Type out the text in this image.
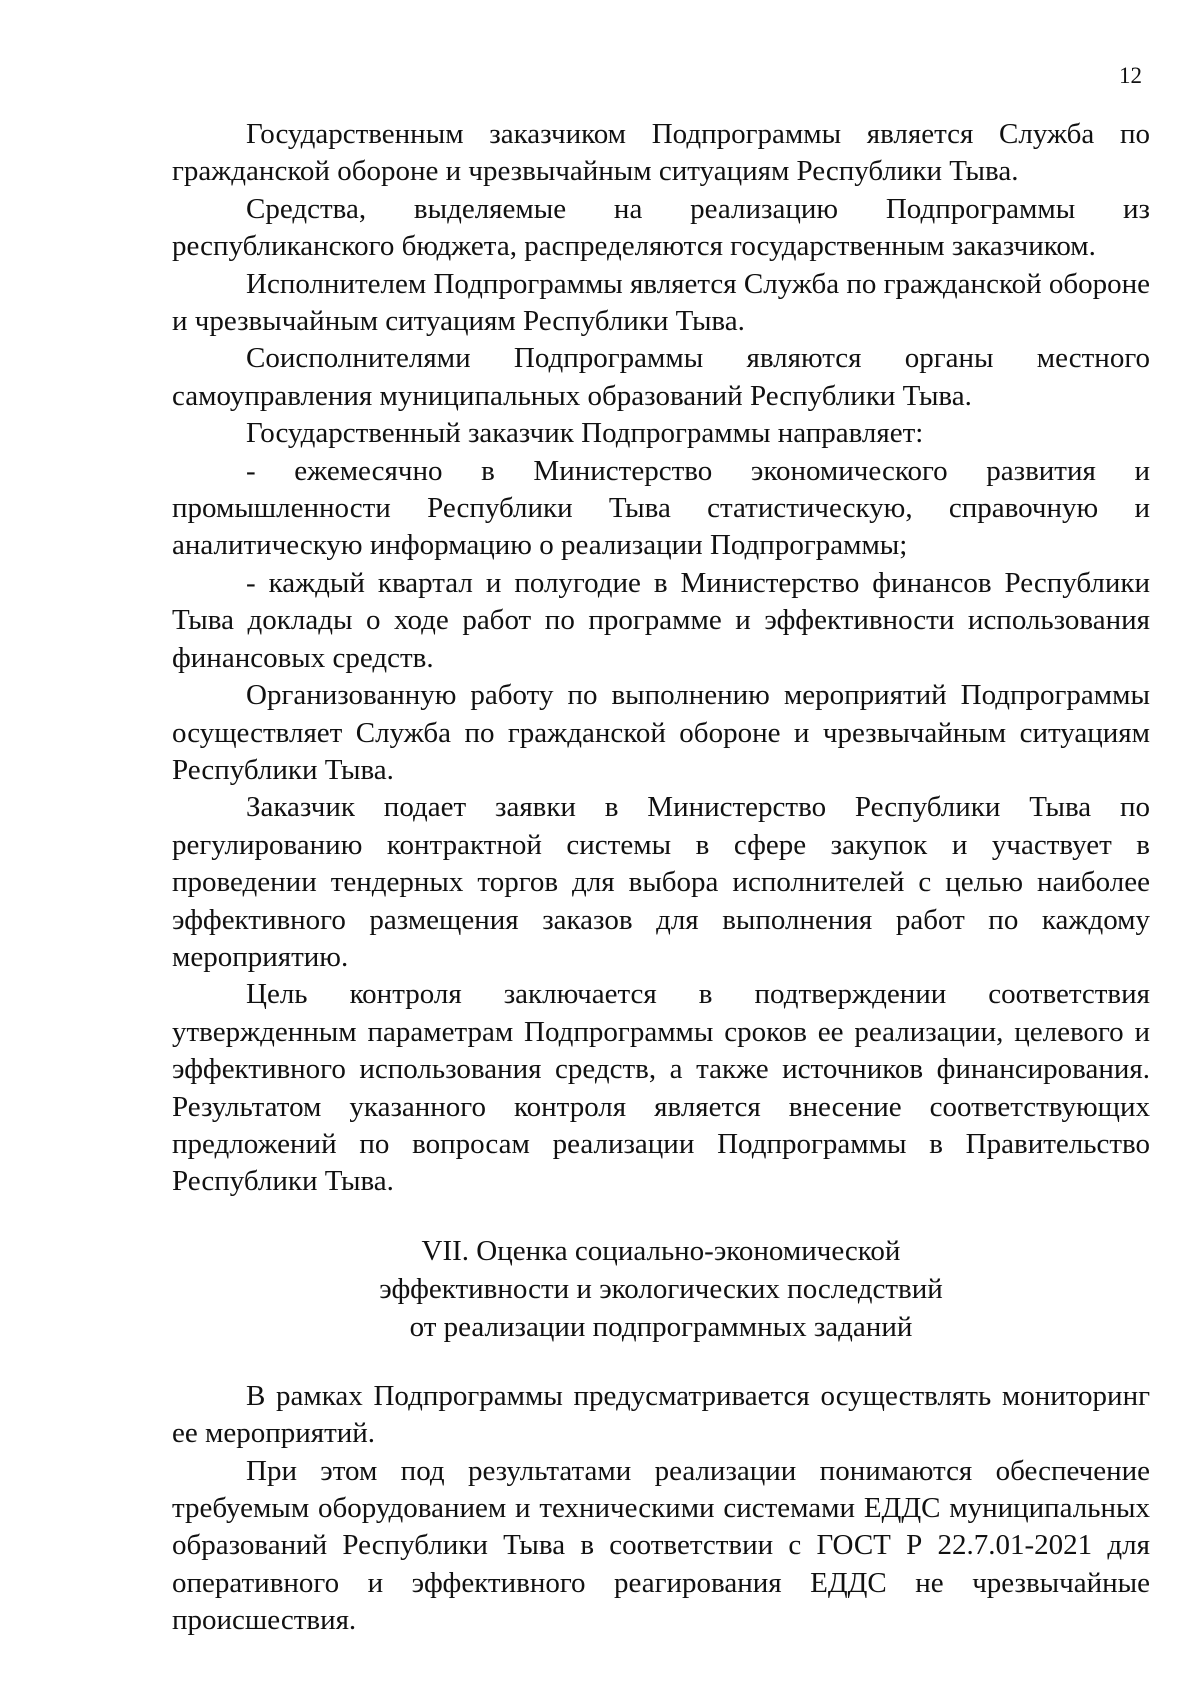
12

Государственным заказчиком Подпрограммы является Служба по гражданской обороне и чрезвычайным ситуациям Республики Тыва.

Средства, выделяемые на реализацию Подпрограммы из республиканского бюджета, распределяются государственным заказчиком.

Исполнителем Подпрограммы является Служба по гражданской обороне и чрезвычайным ситуациям Республики Тыва.

Соисполнителями Подпрограммы являются органы местного самоуправления муниципальных образований Республики Тыва.

Государственный заказчик Подпрограммы направляет:

- ежемесячно в Министерство экономического развития и промышленности Республики Тыва статистическую, справочную и аналитическую информацию о реализации Подпрограммы;

- каждый квартал и полугодие в Министерство финансов Республики Тыва доклады о ходе работ по программе и эффективности использования финансовых средств.

Организованную работу по выполнению мероприятий Подпрограммы осуществляет Служба по гражданской обороне и чрезвычайным ситуациям Республики Тыва.

Заказчик подает заявки в Министерство Республики Тыва по регулированию контрактной системы в сфере закупок и участвует в проведении тендерных торгов для выбора исполнителей с целью наиболее эффективного размещения заказов для выполнения работ по каждому мероприятию.

Цель контроля заключается в подтверждении соответствия утвержденным параметрам Подпрограммы сроков ее реализации, целевого и эффективного использования средств, а также источников финансирования. Результатом указанного контроля является внесение соответствующих предложений по вопросам реализации Подпрограммы в Правительство Республики Тыва.

VII. Оценка социально-экономической
эффективности и экологических последствий
от реализации подпрограммных заданий

В рамках Подпрограммы предусматривается осуществлять мониторинг ее мероприятий.

При этом под результатами реализации понимаются обеспечение требуемым оборудованием и техническими системами ЕДДС муниципальных образований Республики Тыва в соответствии с ГОСТ Р 22.7.01-2021 для оперативного и эффективного реагирования ЕДДС не чрезвычайные происшествия.
